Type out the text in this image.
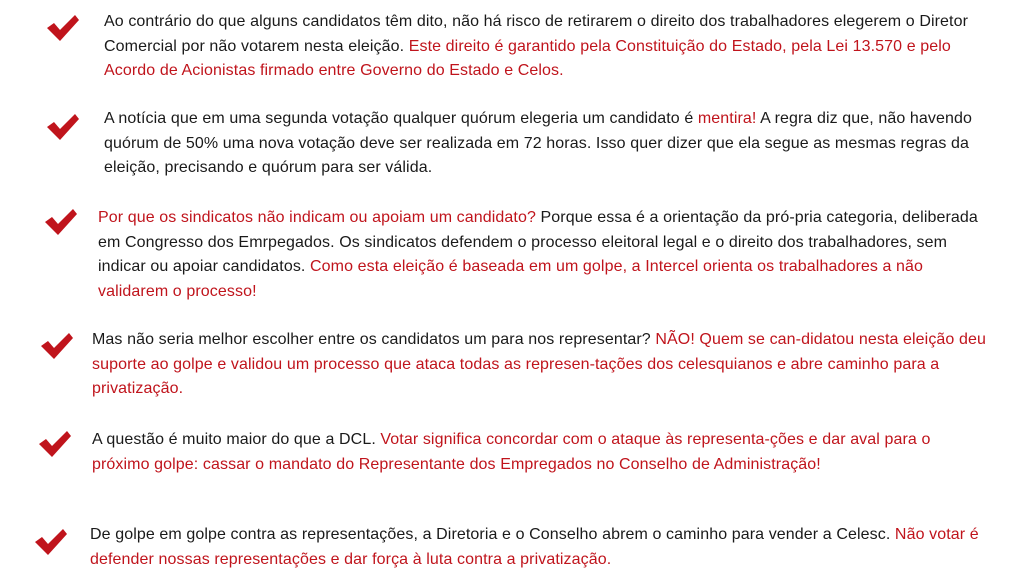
Ao contrário do que alguns candidatos têm dito, não há risco de retirarem o direito dos trabalhadores elegerem o Diretor Comercial por não votarem nesta eleição. Este direito é garantido pela Constituição do Estado, pela Lei 13.570 e pelo Acordo de Acionistas firmado entre Governo do Estado e Celos.
A notícia que em uma segunda votação qualquer quórum elegeria um candidato é mentira! A regra diz que, não havendo quórum de 50% uma nova votação deve ser realizada em 72 horas. Isso quer dizer que ela segue as mesmas regras da eleição, precisando e quórum para ser válida.
Por que os sindicatos não indicam ou apoiam um candidato? Porque essa é a orientação da pró-pria categoria, deliberada em Congresso dos Emrpegados. Os sindicatos defendem o processo eleitoral legal e o direito dos trabalhadores, sem indicar ou apoiar candidatos. Como esta eleição é baseada em um golpe, a Intercel orienta os trabalhadores a não validarem o processo!
Mas não seria melhor escolher entre os candidatos um para nos representar? NÃO! Quem se can-didatou nesta eleição deu suporte ao golpe e validou um processo que ataca todas as represen-tações dos celesquianos e abre caminho para a privatização.
A questão é muito maior do que a DCL. Votar significa concordar com o ataque às representa-ções e dar aval para o próximo golpe: cassar o mandato do Representante dos Empregados no Conselho de Administração!
De golpe em golpe contra as representações, a Diretoria e o Conselho abrem o caminho para vender a Celesc. Não votar é defender nossas representações e dar força à luta contra a privatização.
